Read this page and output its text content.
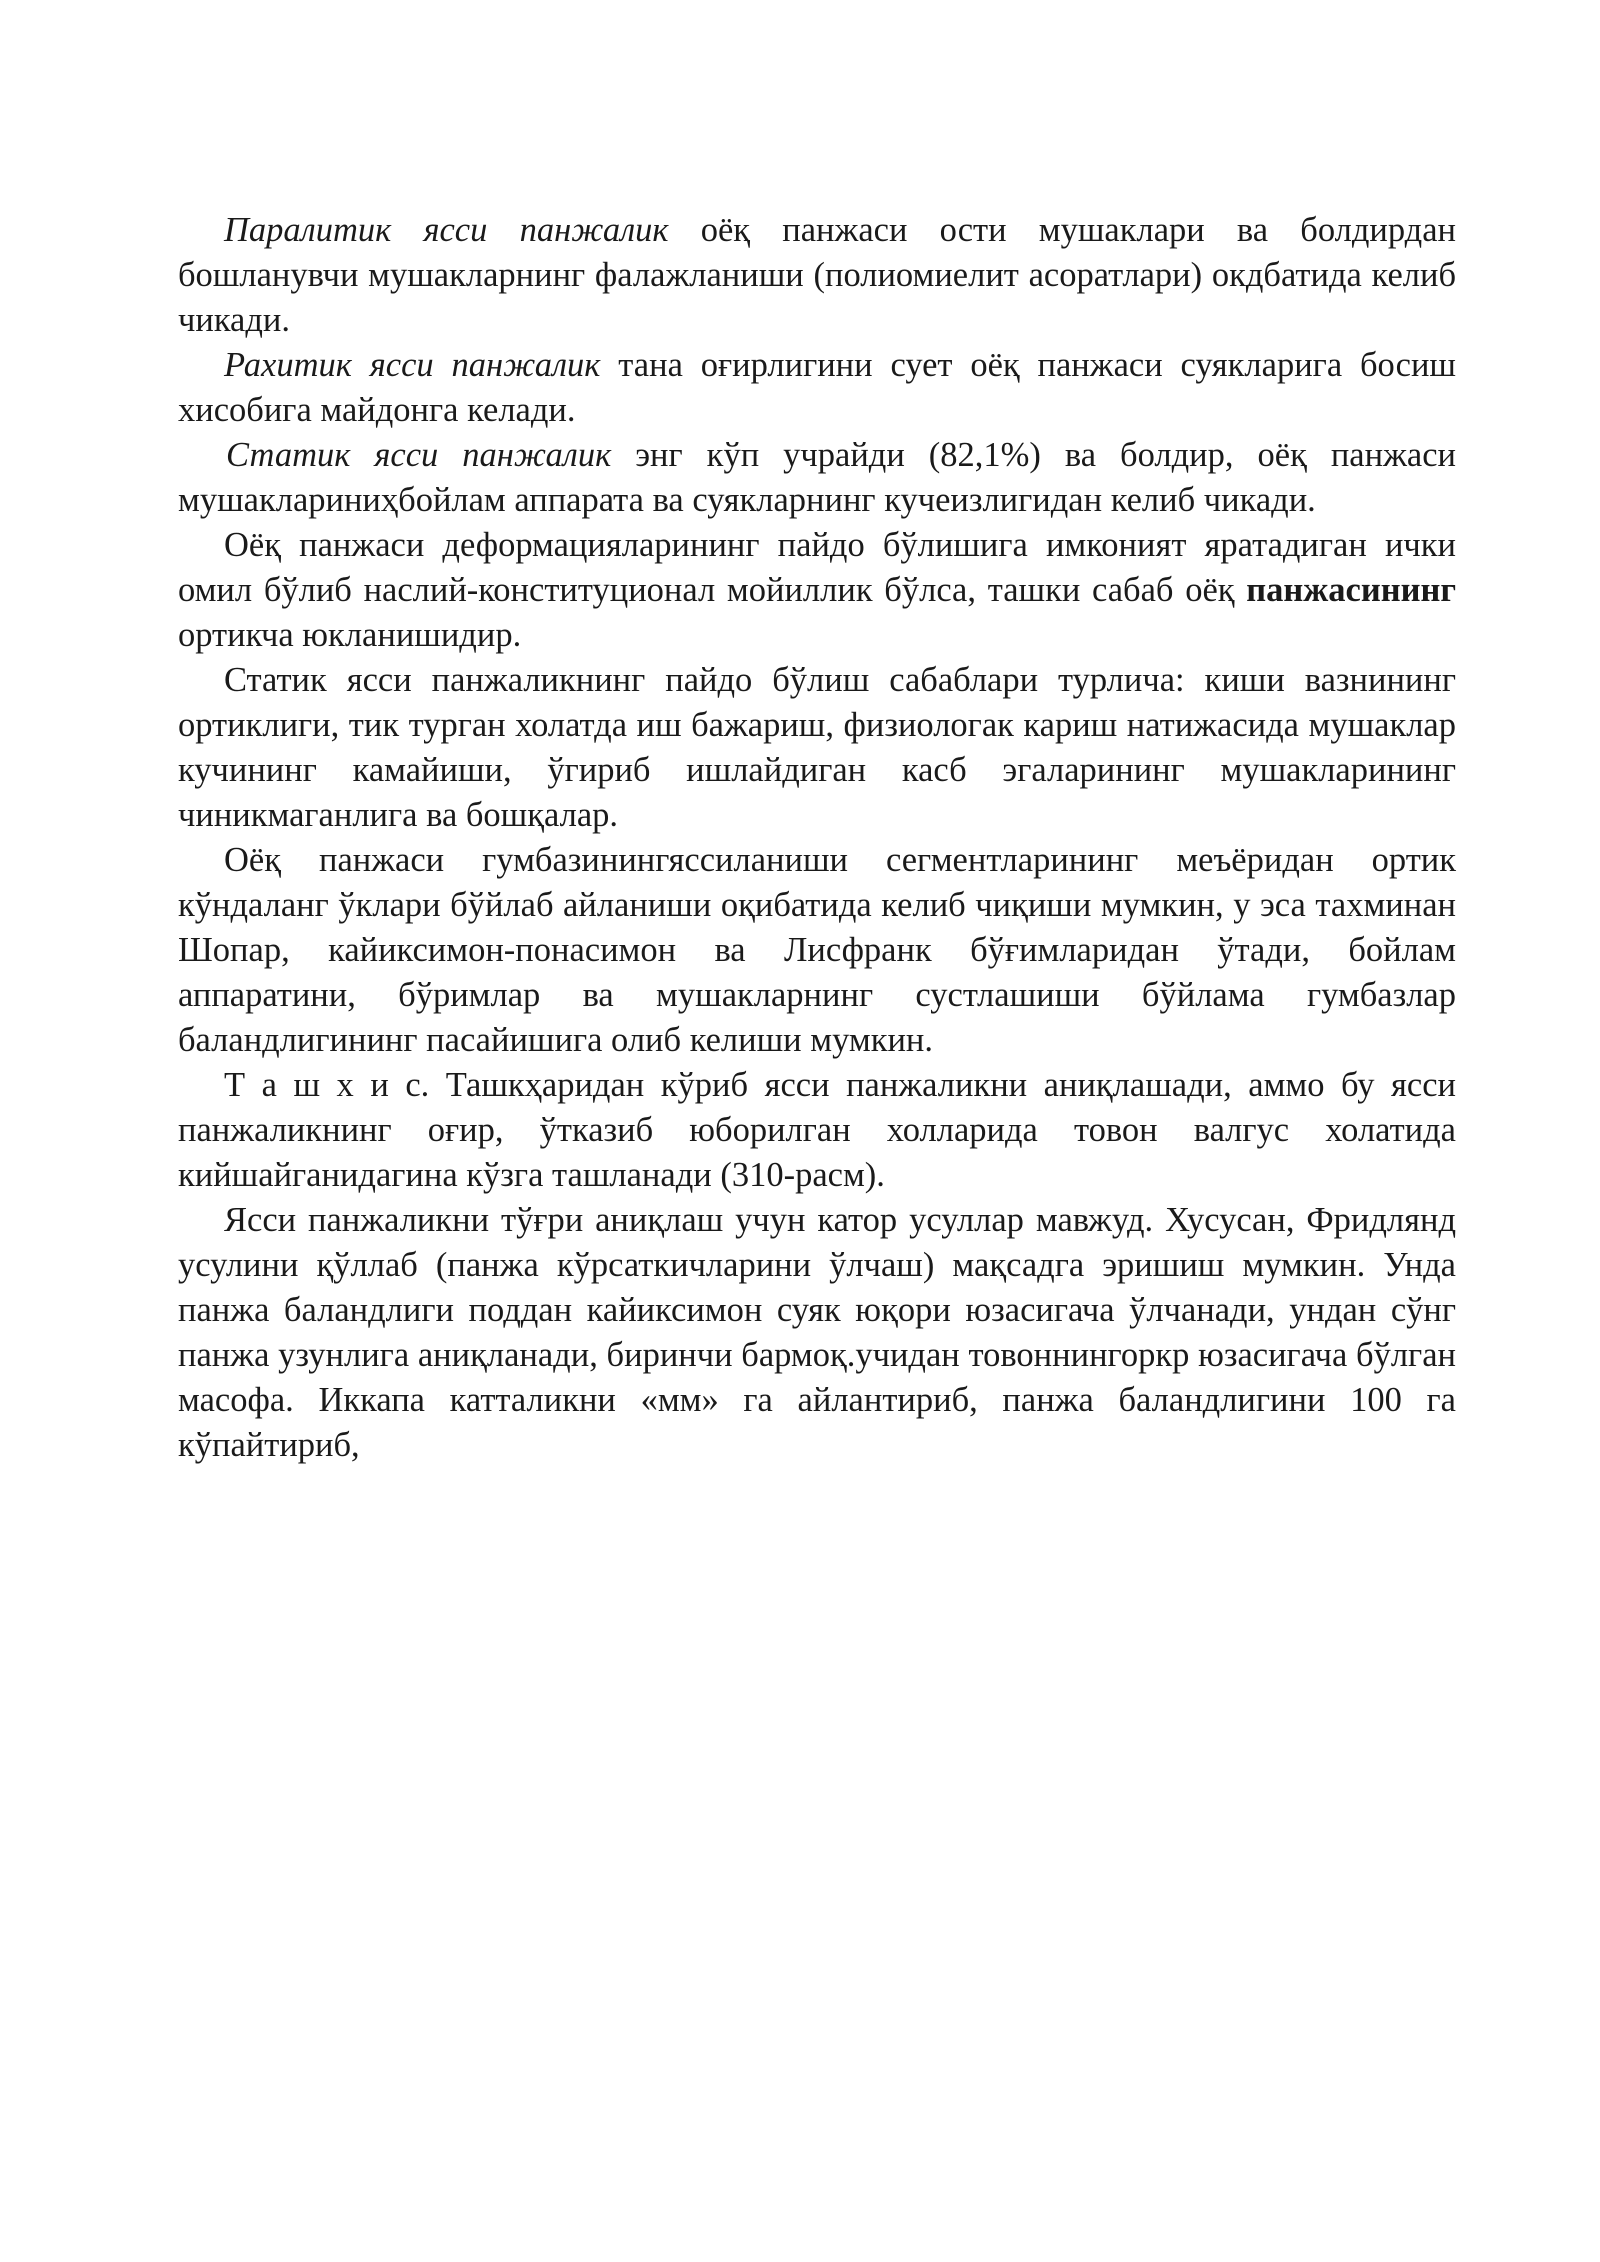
Паралитик ясси панжалик оёқ панжаси ости мушаклари ва болдирдан бошланувчи мушакларнинг фалажланиши (полиомиелит асоратлари) окдбатида келиб чикади.

Рахитик ясси панжалик тана оғирлигини сует оёқ панжаси суякларига босиш хисобига майдонга келади.

Статик ясси панжалик энг кўп учрайди (82,1%) ва болдир, оёқ панжаси мушаклариниҳбойлам аппарата ва суякларнинг кучеизлигидан келиб чикади.

Оёқ панжаси деформацияларининг пайдо бўлишига имконият яратадиган ички омил бўлиб наслий-конституционал мойиллик бўлса, ташки сабаб оёқ панжасининг ортикча юкланишидир.

Статик ясси панжаликнинг пайдо бўлиш сабаблари турлича: киши вазнининг ортиклиги, тик турган холатда иш бажариш, физиологак кариш натижасида мушаклар кучининг камайиши, ўгириб ишлайдиган касб эгаларининг мушакларининг чиникмаганлига ва бошқалар.

Оёқ панжаси гумбазинингяссиланиши сегментларининг меъёридан ортик кўндаланг ўклари бўйлаб айланиши оқибатида келиб чиқиши мумкин, у эса тахминан Шопар, кайиксимон-понасимон ва Лисфранк бўғимларидан ўтади, бойлам аппаратини, бўримлар ва мушакларнинг сустлашиши бўйлама гумбазлар баландлигининг пасайишига олиб келиши мумкин.

Т а ш х и с. Ташкҳаридан кўриб ясси панжаликни аниқлашади, аммо бу ясси панжаликнинг оғир, ўтказиб юборилган холларида товон валгус холатида кийшайганидагина кўзга ташланади (310-расм).

Ясси панжаликни тўғри аниқлаш учун катор усуллар мавжуд. Хусусан, Фридлянд усулини қўллаб (панжа кўрсаткичларини ўлчаш) мақсадга эришиш мумкин. Унда панжа баландлиги поддан кайиксимон суяк юқори юзасигача ўлчанади, ундан сўнг панжа узунлига аниқланади, биринчи бармоқ.учидан товоннингоркр юзасигача бўлган масофа. Иккапа катталикни «мм» га айлантириб, панжа баландлигини 100 га кўпайтириб,
